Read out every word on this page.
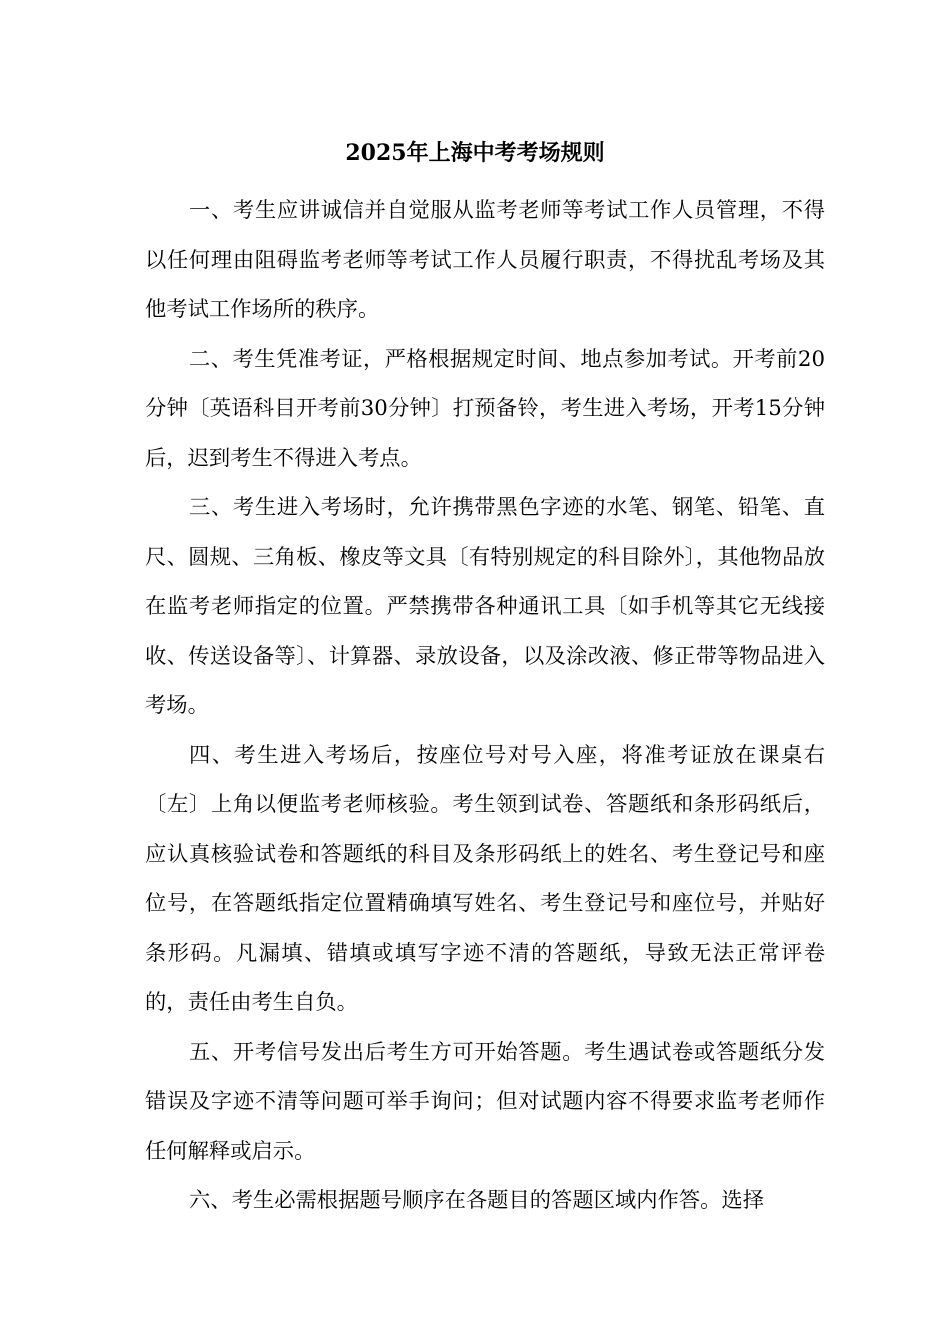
2025年上海中考考场规则

一、考生应讲诚信并自觉服从监考老师等考试工作人员管理，不得以任何理由阻碍监考老师等考试工作人员履行职责，不得扰乱考场及其他考试工作场所的秩序。

二、考生凭准考证，严格根据规定时间、地点参加考试。开考前20分钟〔英语科目开考前30分钟〕打预备铃，考生进入考场，开考15分钟后，迟到考生不得进入考点。

三、考生进入考场时，允许携带黑色字迹的水笔、钢笔、铅笔、直尺、圆规、三角板、橡皮等文具〔有特别规定的科目除外〕，其他物品放在监考老师指定的位置。严禁携带各种通讯工具〔如手机等其它无线接收、传送设备等〕、计算器、录放设备，以及涂改液、修正带等物品进入考场。

四、考生进入考场后，按座位号对号入座，将准考证放在课桌右〔左〕上角以便监考老师核验。考生领到试卷、答题纸和条形码纸后，应认真核验试卷和答题纸的科目及条形码纸上的姓名、考生登记号和座位号，在答题纸指定位置精确填写姓名、考生登记号和座位号，并贴好条形码。凡漏填、错填或填写字迹不清的答题纸，导致无法正常评卷的，责任由考生自负。

五、开考信号发出后考生方可开始答题。考生遇试卷或答题纸分发错误及字迹不清等问题可举手询问；但对试题内容不得要求监考老师作任何解释或启示。

六、考生必需根据题号顺序在各题目的答题区域内作答。选择
